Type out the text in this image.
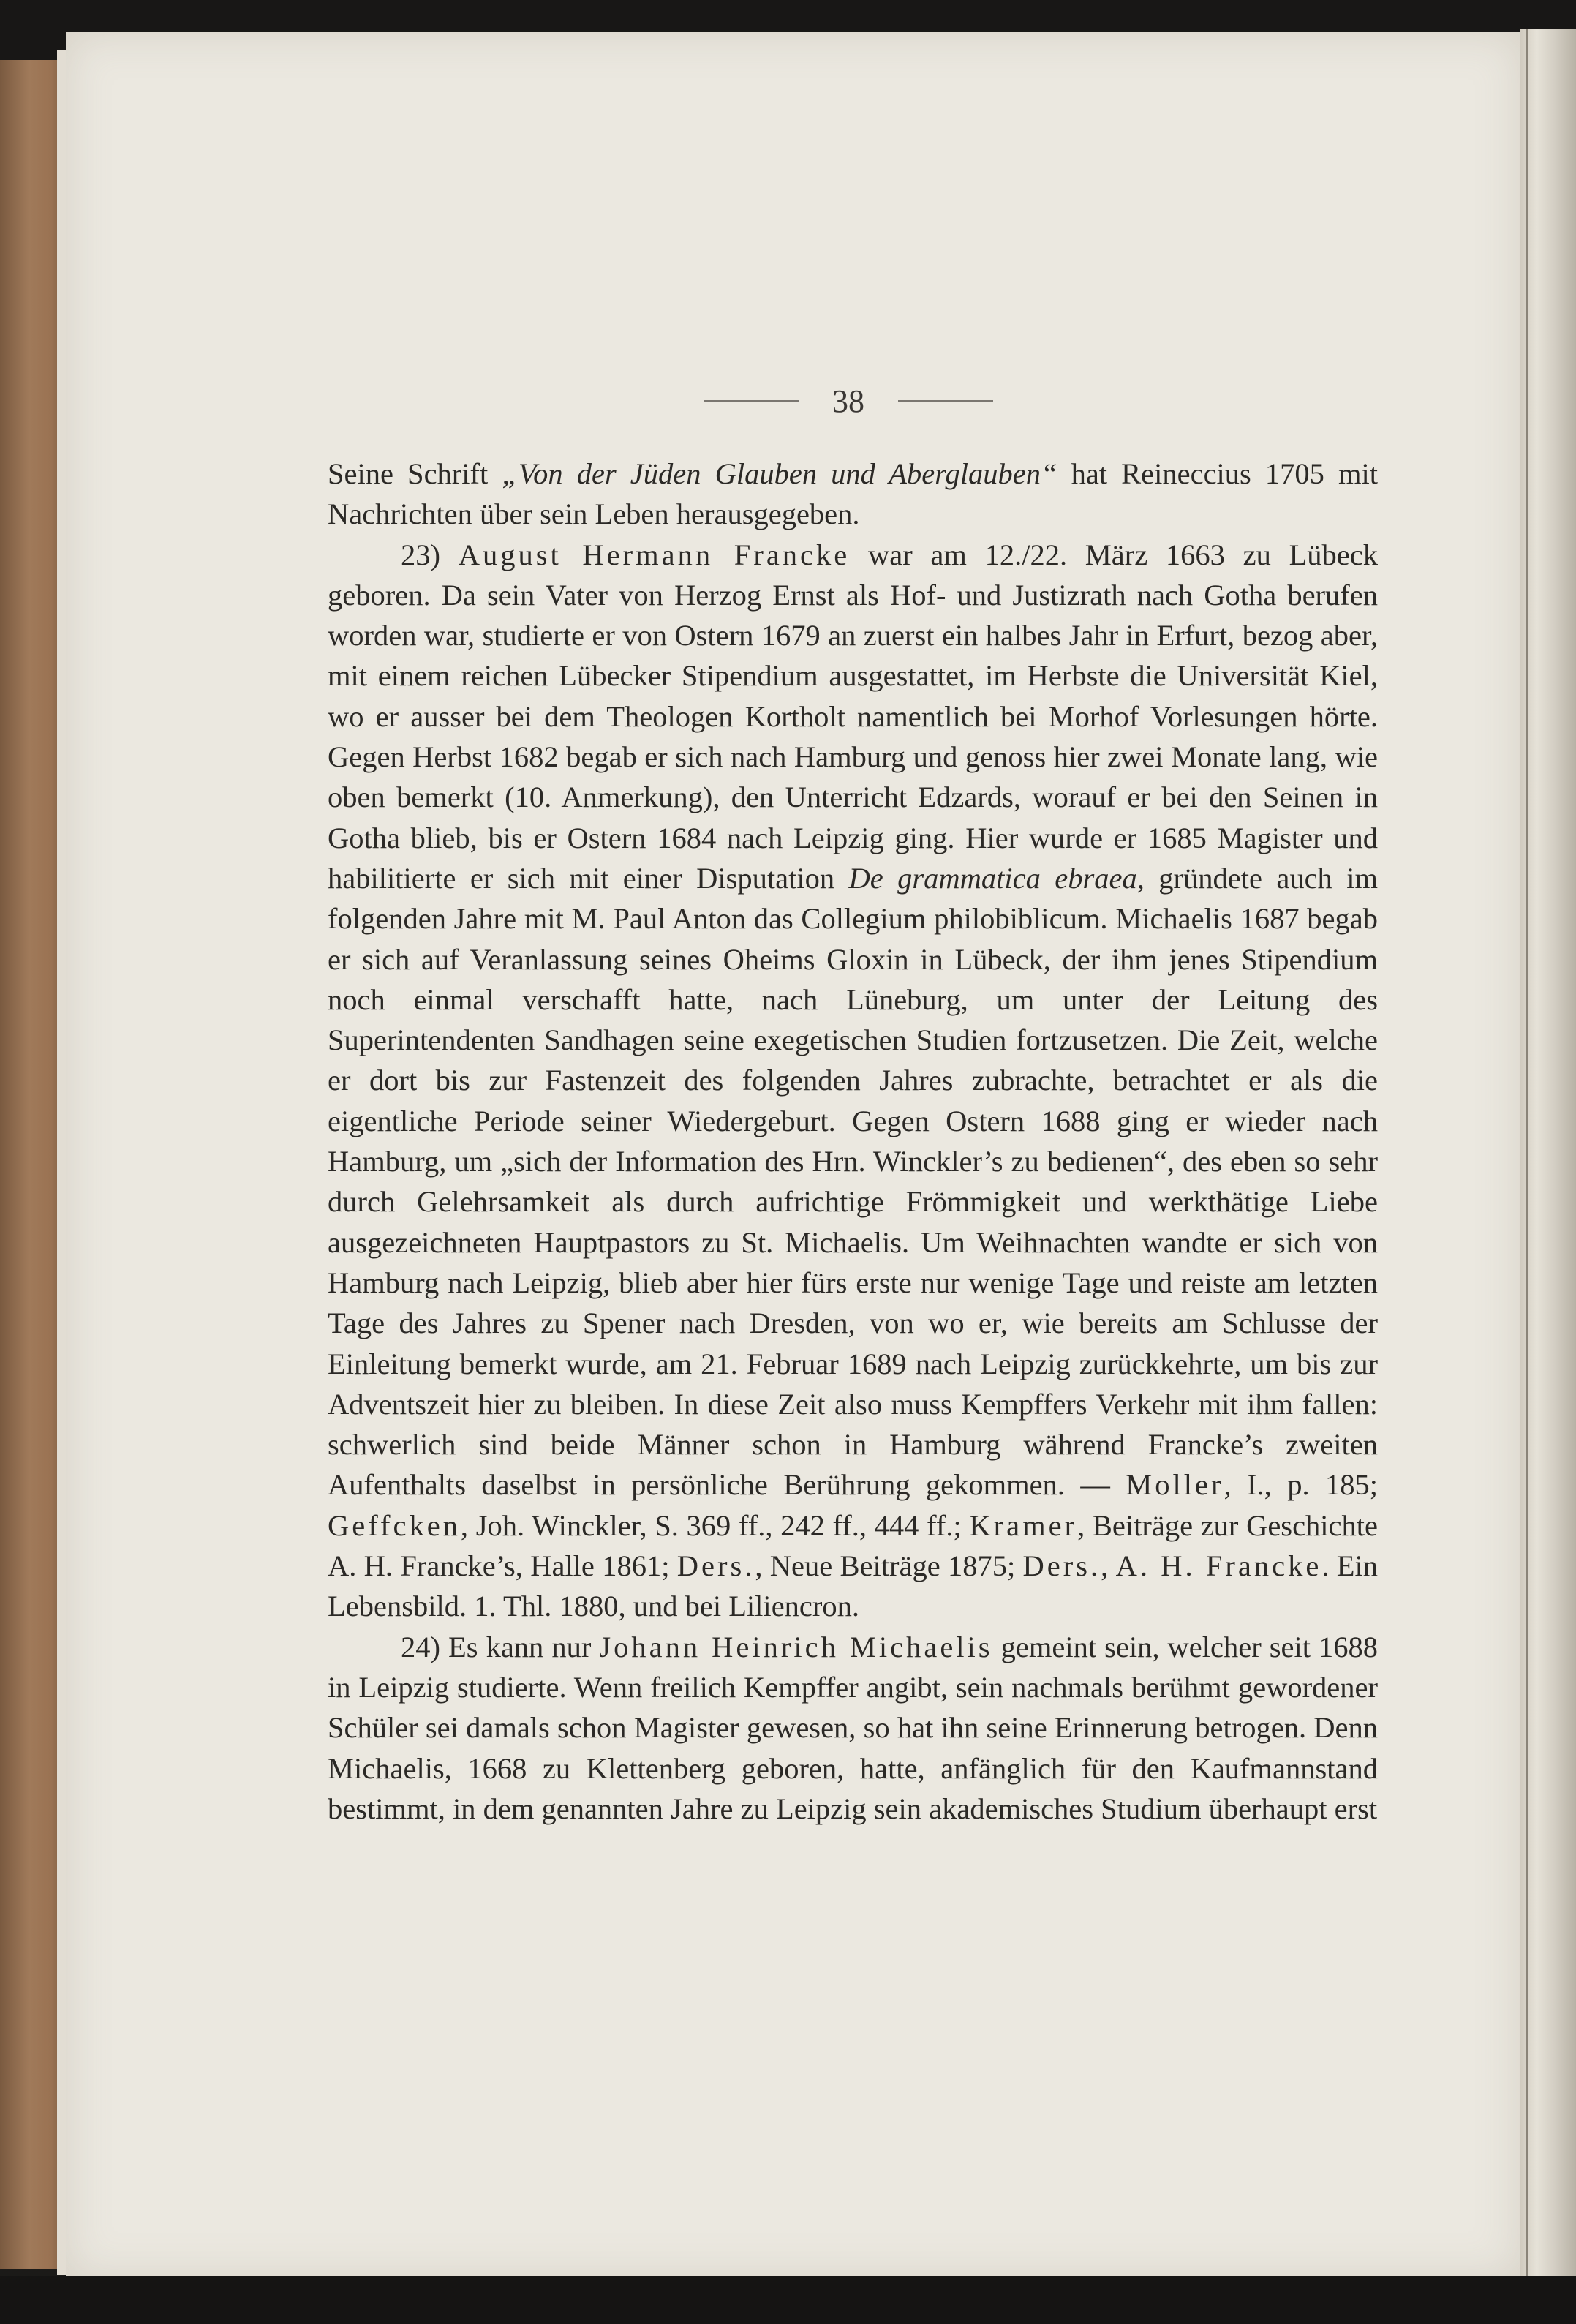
38

Seine Schrift „Von der Jüden Glauben und Aberglauben“ hat Reineccius 1705 mit Nachrichten über sein Leben herausgegeben.

23) August Hermann Francke war am 12./22. März 1663 zu Lübeck geboren. Da sein Vater von Herzog Ernst als Hof- und Justizrath nach Gotha berufen worden war, studierte er von Ostern 1679 an zuerst ein halbes Jahr in Erfurt, bezog aber, mit einem reichen Lübecker Stipendium ausgestattet, im Herbste die Universität Kiel, wo er ausser bei dem Theologen Kortholt namentlich bei Morhof Vorlesungen hörte. Gegen Herbst 1682 begab er sich nach Hamburg und genoss hier zwei Monate lang, wie oben bemerkt (10. Anmerkung), den Unterricht Edzards, worauf er bei den Seinen in Gotha blieb, bis er Ostern 1684 nach Leipzig ging. Hier wurde er 1685 Magister und habilitierte er sich mit einer Disputation De grammatica ebraea, gründete auch im folgenden Jahre mit M. Paul Anton das Collegium philobiblicum. Michaelis 1687 begab er sich auf Veranlassung seines Oheims Gloxin in Lübeck, der ihm jenes Stipendium noch einmal verschafft hatte, nach Lüneburg, um unter der Leitung des Superintendenten Sandhagen seine exegetischen Studien fortzusetzen. Die Zeit, welche er dort bis zur Fastenzeit des folgenden Jahres zubrachte, betrachtet er als die eigentliche Periode seiner Wiedergeburt. Gegen Ostern 1688 ging er wieder nach Hamburg, um „sich der Information des Hrn. Winckler’s zu bedienen“, des eben so sehr durch Gelehrsamkeit als durch aufrichtige Frömmigkeit und werkthätige Liebe ausgezeichneten Hauptpastors zu St. Michaelis. Um Weihnachten wandte er sich von Hamburg nach Leipzig, blieb aber hier fürs erste nur wenige Tage und reiste am letzten Tage des Jahres zu Spener nach Dresden, von wo er, wie bereits am Schlusse der Einleitung bemerkt wurde, am 21. Februar 1689 nach Leipzig zurückkehrte, um bis zur Adventszeit hier zu bleiben. In diese Zeit also muss Kempffers Verkehr mit ihm fallen: schwerlich sind beide Männer schon in Hamburg während Francke’s zweiten Aufenthalts daselbst in persönliche Berührung gekommen. — Moller, I., p. 185; Geffcken, Joh. Winckler, S. 369 ff., 242 ff., 444 ff.; Kramer, Beiträge zur Geschichte A. H. Francke’s, Halle 1861; Ders., Neue Beiträge 1875; Ders., A. H. Francke. Ein Lebensbild. 1. Thl. 1880, und bei Liliencron.

24) Es kann nur Johann Heinrich Michaelis gemeint sein, welcher seit 1688 in Leipzig studierte. Wenn freilich Kempffer angibt, sein nachmals berühmt gewordener Schüler sei damals schon Magister gewesen, so hat ihn seine Erinnerung betrogen. Denn Michaelis, 1668 zu Klettenberg geboren, hatte, anfänglich für den Kaufmannstand bestimmt, in dem genannten Jahre zu Leipzig sein akademisches Studium überhaupt erst
